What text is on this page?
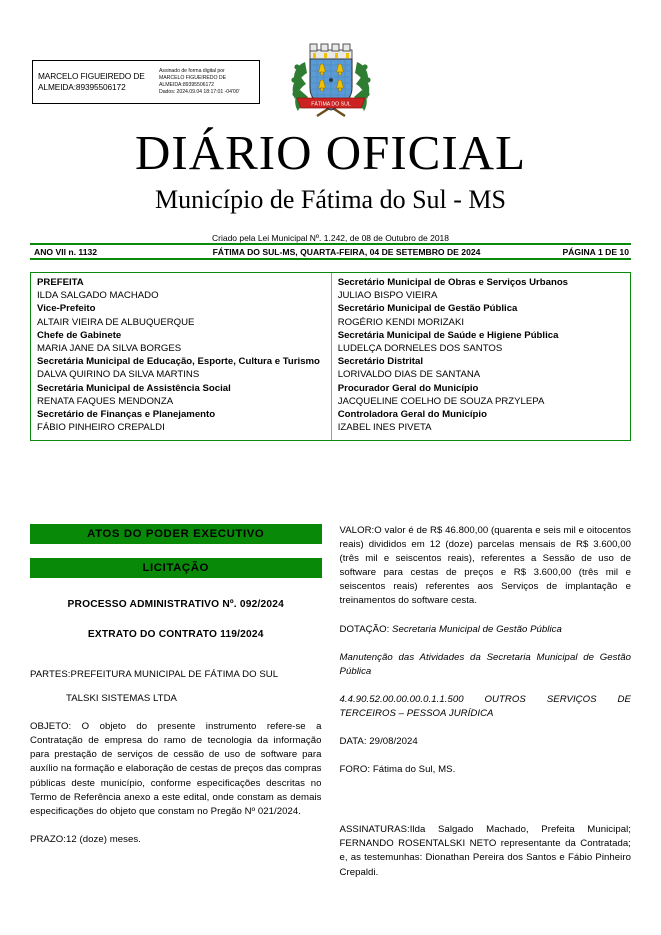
MARCELO FIGUEIREDO DE
ALMEIDA:89395506172
Assinado de forma digital por
MARCELO FIGUEIREDO DE
ALMEIDA:89395506172
Dados: 2024.09.04 18:17:01 -04'00'
FÁTIMA DO SUL
DIÁRIO OFICIAL
Município de Fátima do Sul - MS
Criado pela Lei Municipal Nº. 1.242, de 08 de Outubro de 2018
ANO VII n. 1132	FÁTIMA DO SUL-MS, QUARTA-FEIRA, 04 DE SETEMBRO DE 2024	PÁGINA 1 DE 10
PREFEITA
ILDA SALGADO MACHADO
Vice-Prefeito
ALTAIR VIEIRA DE ALBUQUERQUE
Chefe de Gabinete
MARIA JANE DA SILVA BORGES
Secretária Municipal de Educação, Esporte, Cultura e Turismo
DALVA QUIRINO DA SILVA MARTINS
Secretária Municipal de Assistência Social
RENATA FAQUES MENDONZA
Secretário de Finanças e Planejamento
FÁBIO PINHEIRO CREPALDI
Secretário Municipal de Obras e Serviços Urbanos
JULIAO BISPO VIEIRA
Secretário Municipal de Gestão Pública
ROGÉRIO KENDI MORIZAKI
Secretária Municipal de Saúde e Higiene Pública
LUDELÇA DORNELES DOS SANTOS
Secretário Distrital
LORIVALDO DIAS DE SANTANA
Procurador Geral do Município
JACQUELINE COELHO DE SOUZA PRZYLEPA
Controladora Geral do Município
IZABEL INES PIVETA
ATOS DO PODER EXECUTIVO
LICITAÇÃO
PROCESSO ADMINISTRATIVO Nº. 092/2024
EXTRATO DO CONTRATO 119/2024
PARTES:PREFEITURA MUNICIPAL DE FÁTIMA DO SUL
TALSKI SISTEMAS LTDA
OBJETO: O objeto do presente instrumento refere-se a Contratação de empresa do ramo de tecnologia da informação para prestação de serviços de cessão de uso de software para auxílio na formação e elaboração de cestas de preços das compras públicas deste município, conforme especificações descritas no Termo de Referência anexo a este edital, onde constam as demais especificações do objeto que constam no Pregão Nº 021/2024.
PRAZO:12 (doze) meses.
VALOR:O valor é de R$ 46.800,00 (quarenta e seis mil e oitocentos reais) divididos em 12 (doze) parcelas mensais de R$ 3.600,00 (três mil e seiscentos reais), referentes a Sessão de uso de software para cestas de preços e R$ 3.600,00 (três mil e seiscentos reais) referentes aos Serviços de implantação e treinamentos do software cesta.
DOTAÇÃO: Secretaria Municipal de Gestão Pública
Manutenção das Atividades da Secretaria Municipal de Gestão Pública
4.4.90.52.00.00.00.0.1.1.500 OUTROS SERVIÇOS DE TERCEIROS – PESSOA JURÍDICA
DATA: 29/08/2024
FORO: Fátima do Sul, MS.
ASSINATURAS:Ilda Salgado Machado, Prefeita Municipal; FERNANDO ROSENTALSKI NETO representante da Contratada; e, as testemunhas: Dionathan Pereira dos Santos e Fábio Pinheiro Crepaldi.
